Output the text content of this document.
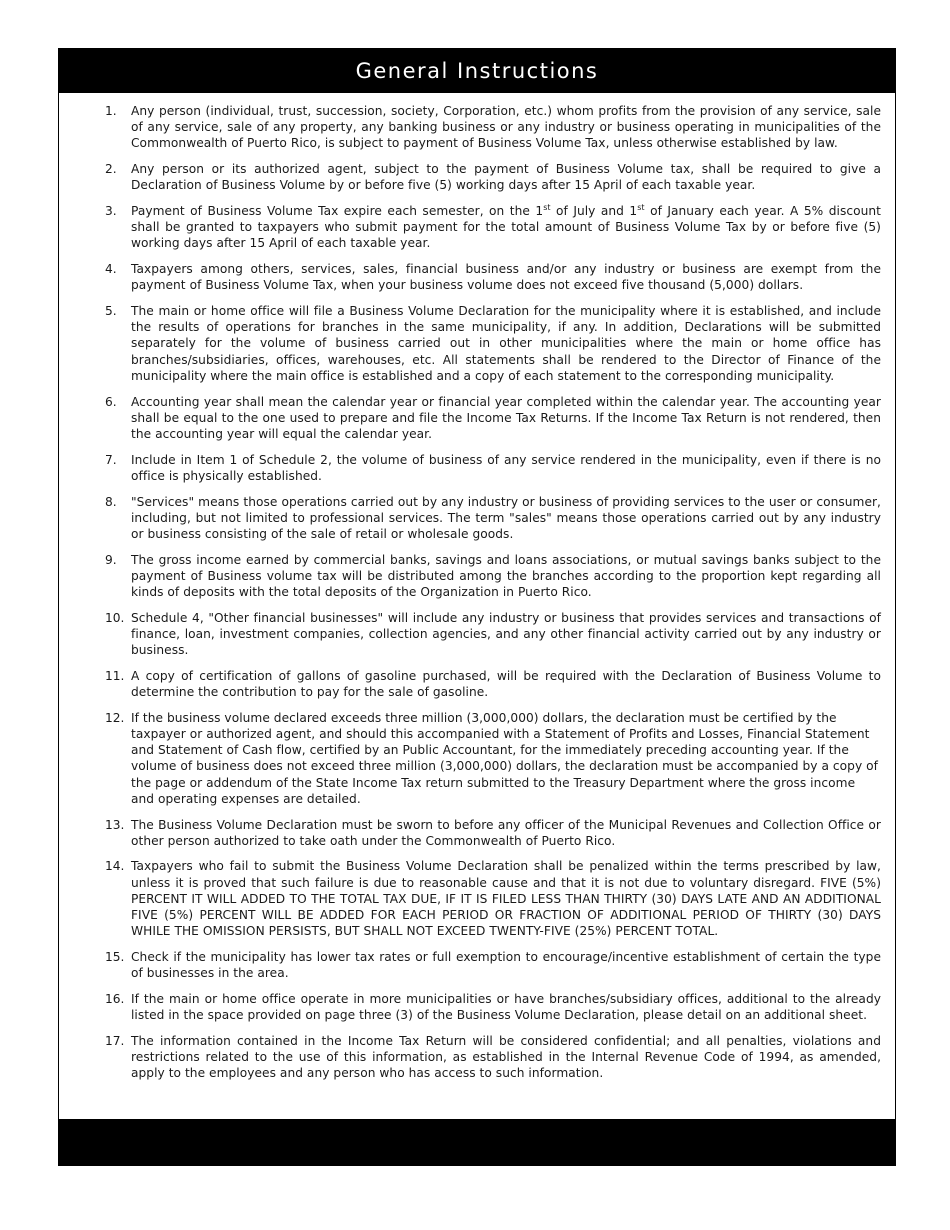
General Instructions
1.	Any person (individual, trust, succession, society, Corporation, etc.) whom profits from the provision of any service, sale of any service, sale of any property, any banking business or any industry or business operating in municipalities of the Commonwealth of Puerto Rico, is subject to payment of Business Volume Tax, unless otherwise established by law.

2.	Any person or its authorized agent, subject to the payment of Business Volume tax, shall be required to give a Declaration of Business Volume by or before five (5) working days after 15 April of each taxable year.

3.	Payment of Business Volume Tax expire each semester, on the 1st of July and 1st of January each year. A 5% discount shall be granted to taxpayers who submit payment for the total amount of Business Volume Tax by or before five (5) working days after 15 April of each taxable year.

4.	Taxpayers among others, services, sales, financial business and/or any industry or business are exempt from the payment of Business Volume Tax, when your business volume does not exceed five thousand (5,000) dollars.

5.	The main or home office will file a Business Volume Declaration for the municipality where it is established, and include the results of operations for branches in the same municipality, if any. In addition, Declarations will be submitted separately for the volume of business carried out in other municipalities where the main or home office has branches/subsidiaries, offices, warehouses, etc. All statements shall be rendered to the Director of Finance of the municipality where the main office is established and a copy of each statement to the corresponding municipality.

6.	Accounting year shall mean the calendar year or financial year completed within the calendar year. The accounting year shall be equal to the one used to prepare and file the Income Tax Returns. If the Income Tax Return is not rendered, then the accounting year will equal the calendar year.

7.	Include in Item 1 of Schedule 2, the volume of business of any service rendered in the municipality, even if there is no office is physically established.

8.	"Services" means those operations carried out by any industry or business of providing services to the user or consumer, including, but not limited to professional services. The term "sales" means those operations carried out by any industry or business consisting of the sale of retail or wholesale goods.

9.	The gross income earned by commercial banks, savings and loans associations, or mutual savings banks subject to the payment of Business volume tax will be distributed among the branches according to the proportion kept regarding all kinds of deposits with the total deposits of the Organization in Puerto Rico.

10. Schedule 4, "Other financial businesses" will include any industry or business that provides services and transactions of finance, loan, investment companies, collection agencies, and any other financial activity carried out by any industry or business.

11. A copy of certification of gallons of gasoline purchased, will be required with the Declaration of Business Volume to determine the contribution to pay for the sale of gasoline.

12. If the business volume declared exceeds three million (3,000,000) dollars, the declaration must be certified by the taxpayer or authorized agent, and should this accompanied with a Statement of Profits and Losses, Financial Statement and Statement of Cash flow, certified by an Public Accountant, for the immediately preceding accounting year. If the volume of business does not exceed three million (3,000,000) dollars, the declaration must be accompanied by a copy of the page or addendum of the State Income Tax return submitted to the Treasury Department where the gross income and operating expenses are detailed.

13. The Business Volume Declaration must be sworn to before any officer of the Municipal Revenues and Collection Office or other person authorized to take oath under the Commonwealth of Puerto Rico.

14. Taxpayers who fail to submit the Business Volume Declaration shall be penalized within the terms prescribed by law, unless it is proved that such failure is due to reasonable cause and that it is not due to voluntary disregard. FIVE (5%) PERCENT IT WILL ADDED TO THE TOTAL TAX DUE, IF IT IS FILED LESS THAN THIRTY (30) DAYS LATE AND AN ADDITIONAL FIVE (5%) PERCENT WILL BE ADDED FOR EACH PERIOD OR FRACTION OF ADDITIONAL PERIOD OF THIRTY (30) DAYS WHILE THE OMISSION PERSISTS, BUT SHALL NOT EXCEED TWENTY-FIVE (25%) PERCENT TOTAL.

15. Check if the municipality has lower tax rates or full exemption to encourage/incentive establishment of certain the type of businesses in the area.

16. If the main or home office operate in more municipalities or have branches/subsidiary offices, additional to the already listed in the space provided on page three (3) of the Business Volume Declaration, please detail on an additional sheet.

17. The information contained in the Income Tax Return will be considered confidential; and all penalties, violations and restrictions related to the use of this information, as established in the Internal Revenue Code of 1994, as amended, apply to the employees and any person who has access to such information.
